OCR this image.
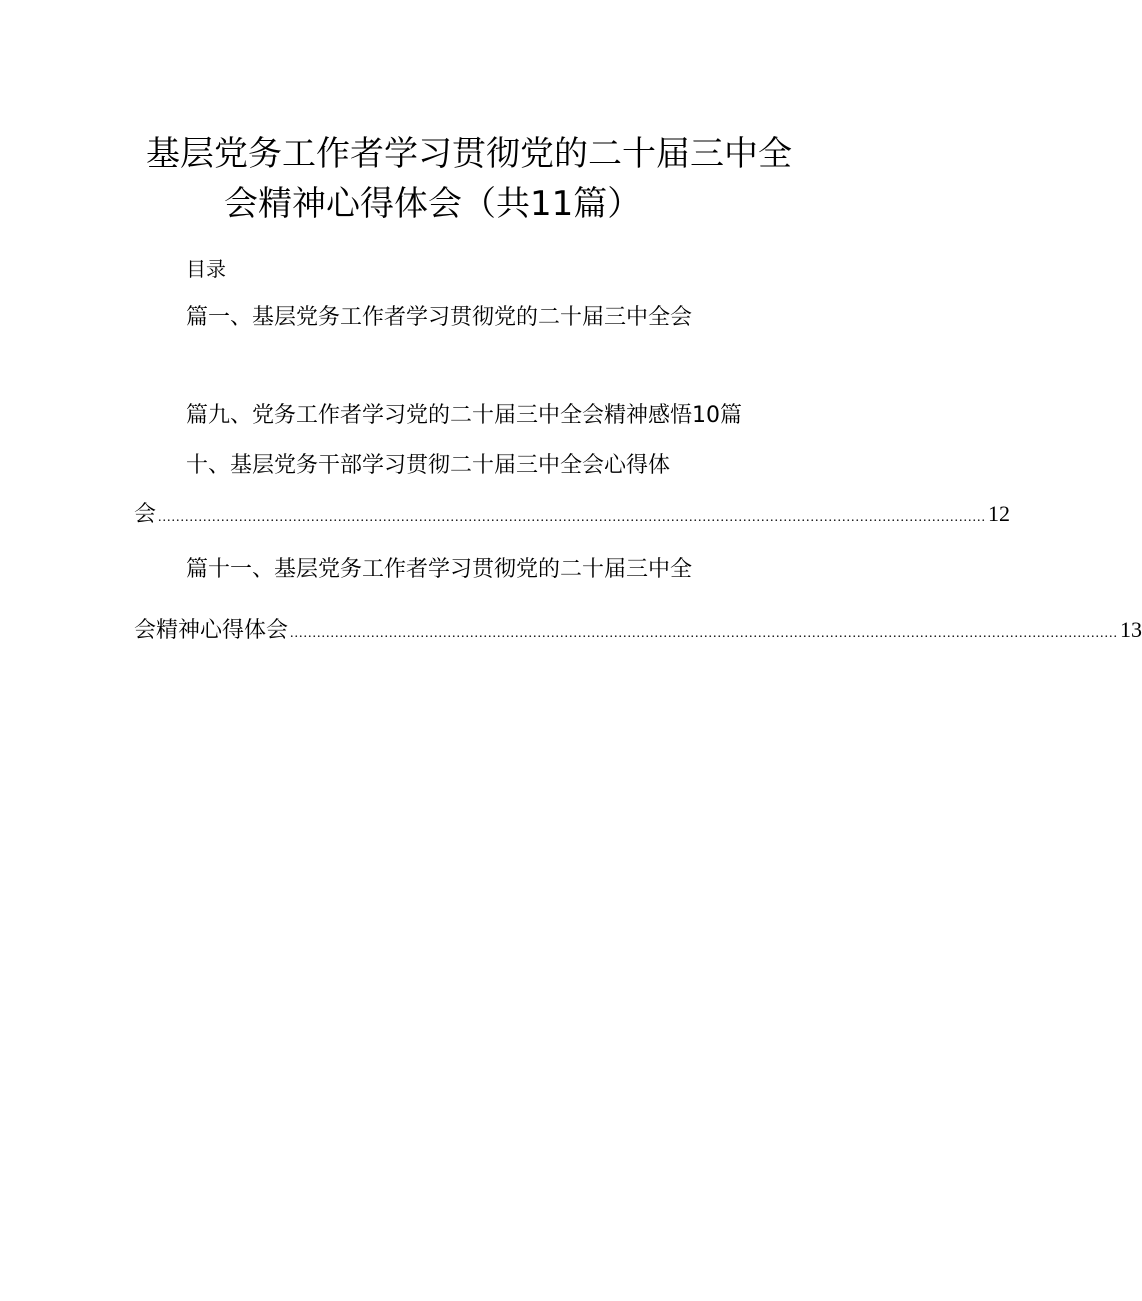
基层党务工作者学习贯彻党的二十届三中全
会精神心得体会（共11篇）
目录
篇一、基层党务工作者学习贯彻党的二十届三中全会
篇九、党务工作者学习党的二十届三中全会精神感悟10篇
十、基层党务干部学习贯彻二十届三中全会心得体
会 ........................................................................................................................................................................................ 12
篇十一、基层党务工作者学习贯彻党的二十届三中全
会精神心得体会 ........................................................................................................................................................................................ 13
